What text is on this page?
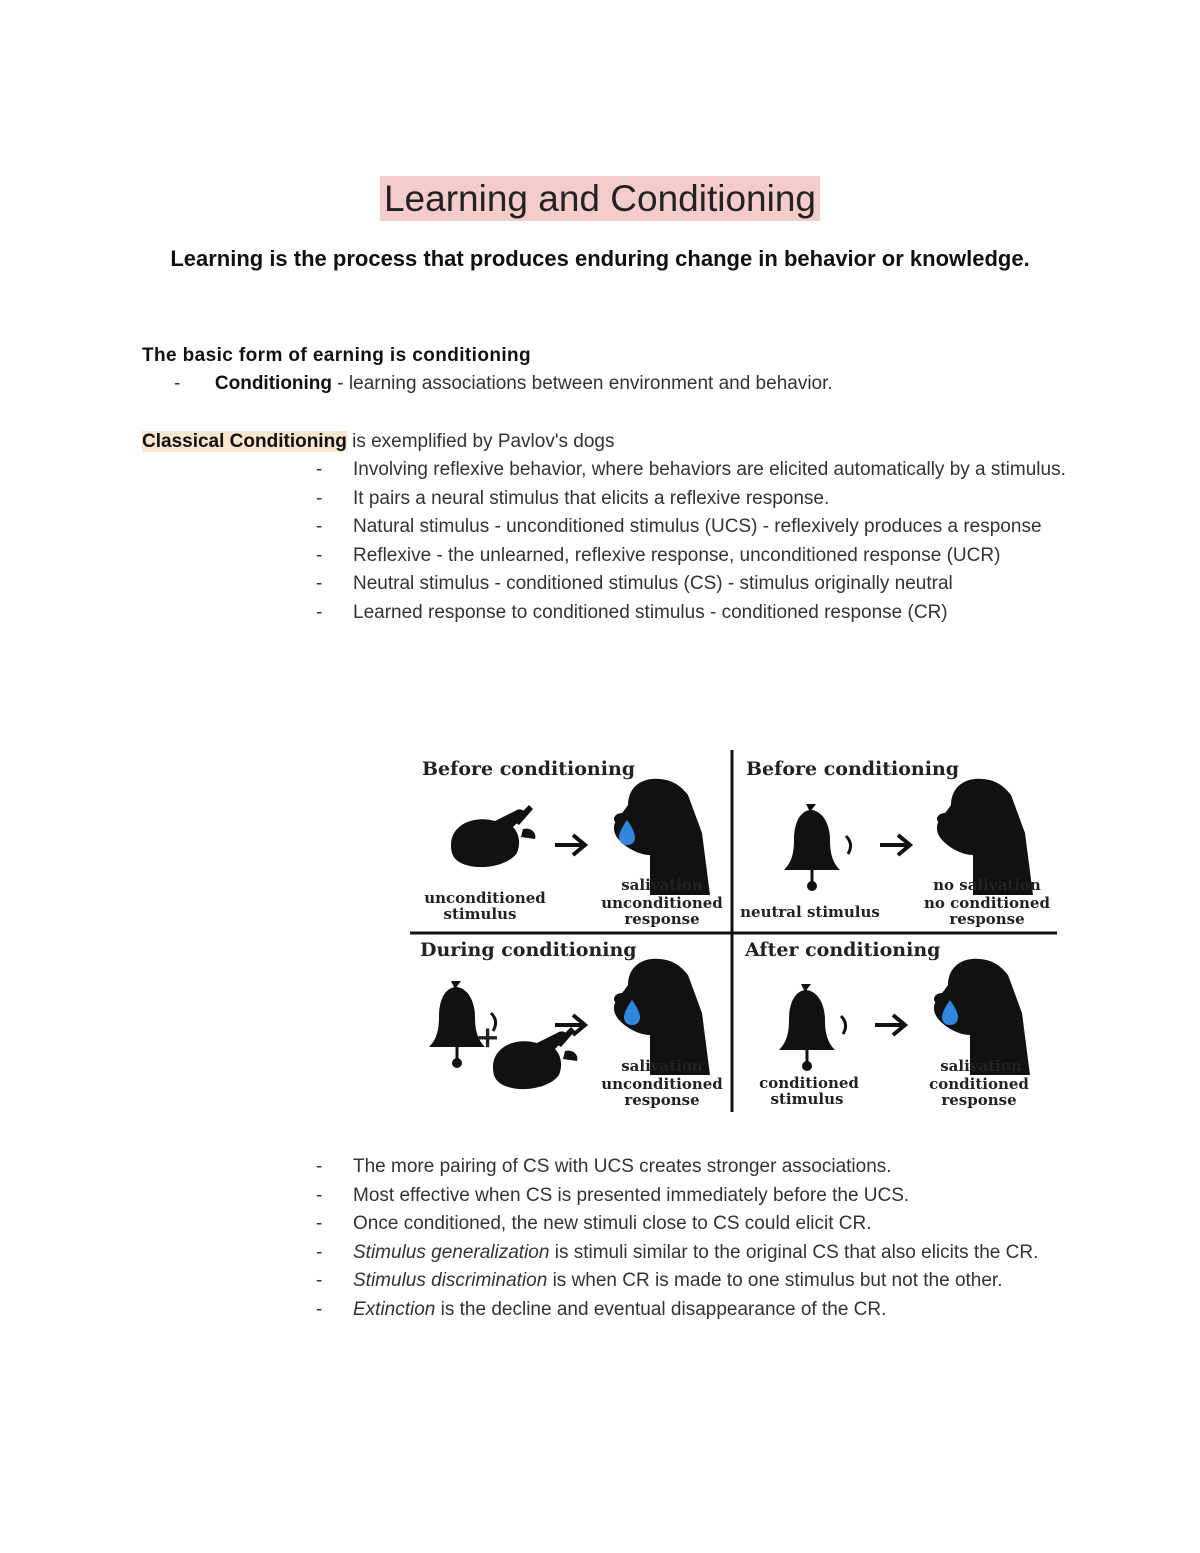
Learning and Conditioning
Learning is the process that produces enduring change in behavior or knowledge.
The basic form of earning is conditioning
- Conditioning - learning associations between environment and behavior.
Classical Conditioning is exemplified by Pavlov's dogs
- Involving reflexive behavior, where behaviors are elicited automatically by a stimulus.
- It pairs a neural stimulus that elicits a reflexive response.
- Natural stimulus - unconditioned stimulus (UCS) - reflexively produces a response
- Reflexive - the unlearned, reflexive response, unconditioned response (UCR)
- Neutral stimulus - conditioned stimulus (CS) - stimulus originally neutral
- Learned response to conditioned stimulus - conditioned response (CR)
Before conditioning
unconditioned
stimulus
salivation
unconditioned
response
Before conditioning
neutral stimulus
no salivation
no conditioned
response
During conditioning
+
salivation
unconditioned
response
After conditioning
conditioned
stimulus
salivation
conditioned
response
- The more pairing of CS with UCS creates stronger associations.
- Most effective when CS is presented immediately before the UCS.
- Once conditioned, the new stimuli close to CS could elicit CR.
- Stimulus generalization is stimuli similar to the original CS that also elicits the CR.
- Stimulus discrimination is when CR is made to one stimulus but not the other.
- Extinction is the decline and eventual disappearance of the CR.
